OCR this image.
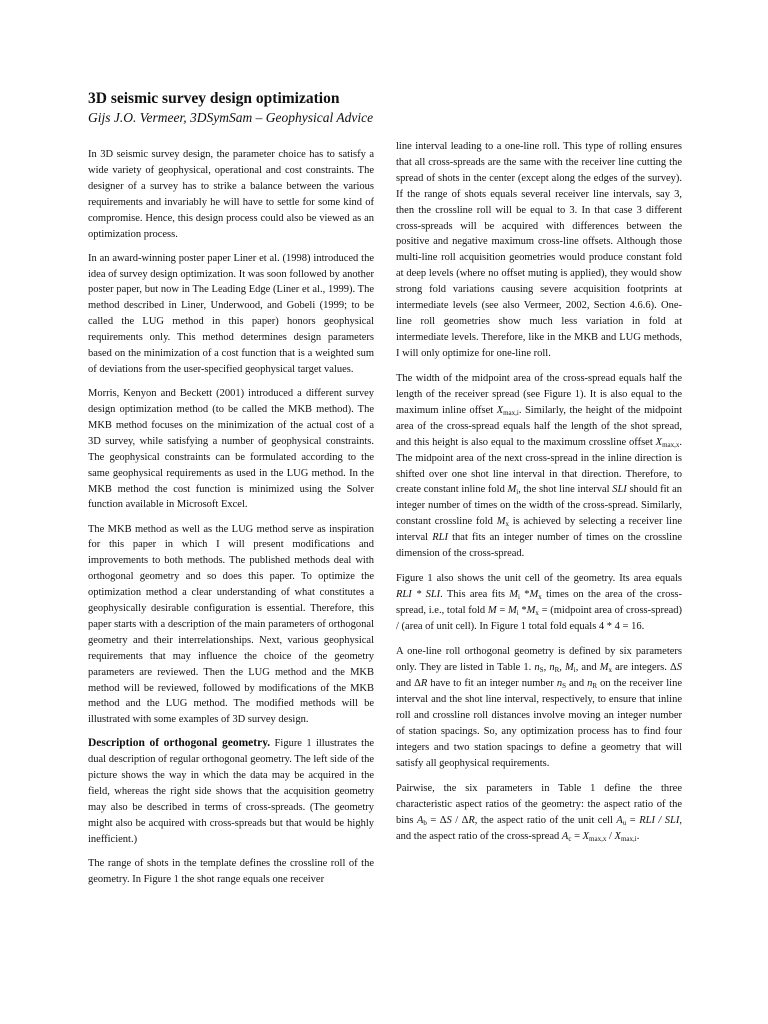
3D seismic survey design optimization
Gijs J.O. Vermeer, 3DSymSam – Geophysical Advice

In 3D seismic survey design, the parameter choice has to satisfy a wide variety of geophysical, operational and cost constraints. The designer of a survey has to strike a balance between the various requirements and invariably he will have to settle for some kind of compromise. Hence, this design process could also be viewed as an optimization process.

In an award-winning poster paper Liner et al. (1998) introduced the idea of survey design optimization. It was soon followed by another poster paper, but now in The Leading Edge (Liner et al., 1999). The method described in Liner, Underwood, and Gobeli (1999; to be called the LUG method in this paper) honors geophysical requirements only. This method determines design parameters based on the minimization of a cost function that is a weighted sum of deviations from the user-specified geophysical target values.

Morris, Kenyon and Beckett (2001) introduced a different survey design optimization method (to be called the MKB method). The MKB method focuses on the minimization of the actual cost of a 3D survey, while satisfying a number of geophysical constraints. The geophysical constraints can be formulated according to the same geophysical requirements as used in the LUG method. In the MKB method the cost function is minimized using the Solver function available in Microsoft Excel.

The MKB method as well as the LUG method serve as inspiration for this paper in which I will present modifications and improvements to both methods. The published methods deal with orthogonal geometry and so does this paper. To optimize the optimization method a clear understanding of what constitutes a geophysically desirable configuration is essential. Therefore, this paper starts with a description of the main parameters of orthogonal geometry and their interrelationships. Next, various geophysical requirements that may influence the choice of the geometry parameters are reviewed. Then the LUG method and the MKB method will be reviewed, followed by modifications of the MKB method and the LUG method. The modified methods will be illustrated with some examples of 3D survey design.

Description of orthogonal geometry. Figure 1 illustrates the dual description of regular orthogonal geometry. The left side of the picture shows the way in which the data may be acquired in the field, whereas the right side shows that the acquisition geometry may also be described in terms of cross-spreads. (The geometry might also be acquired with cross-spreads but that would be highly inefficient.)

The range of shots in the template defines the crossline roll of the geometry. In Figure 1 the shot range equals one receiver

line interval leading to a one-line roll. This type of rolling ensures that all cross-spreads are the same with the receiver line cutting the spread of shots in the center (except along the edges of the survey). If the range of shots equals several receiver line intervals, say 3, then the crossline roll will be equal to 3. In that case 3 different cross-spreads will be acquired with differences between the positive and negative maximum cross-line offsets. Although those multi-line roll acquisition geometries would produce constant fold at deep levels (where no offset muting is applied), they would show strong fold variations causing severe acquisition footprints at intermediate levels (see also Vermeer, 2002, Section 4.6.6). One-line roll geometries show much less variation in fold at intermediate levels. Therefore, like in the MKB and LUG methods, I will only optimize for one-line roll.

The width of the midpoint area of the cross-spread equals half the length of the receiver spread (see Figure 1). It is also equal to the maximum inline offset $X_{max,i}$. Similarly, the height of the midpoint area of the cross-spread equals half the length of the shot spread, and this height is also equal to the maximum crossline offset $X_{max,x}$. The midpoint area of the next cross-spread in the inline direction is shifted over one shot line interval in that direction. Therefore, to create constant inline fold $M_i$, the shot line interval SLI should fit an integer number of times on the width of the cross-spread. Similarly, constant crossline fold $M_x$ is achieved by selecting a receiver line interval RLI that fits an integer number of times on the crossline dimension of the cross-spread.

Figure 1 also shows the unit cell of the geometry. Its area equals RLI * SLI. This area fits $M_i$ $*M_x$ times on the area of the cross-spread, i.e., total fold $M = M_i$ $*M_x$ = (midpoint area of cross-spread) / (area of unit cell). In Figure 1 total fold equals 4 * 4 = 16.

A one-line roll orthogonal geometry is defined by six parameters only. They are listed in Table 1. $n_S$, $n_R$, $M_i$, and $M_x$ are integers. ΔS and ΔR have to fit an integer number $n_S$ and $n_R$ on the receiver line interval and the shot line interval, respectively, to ensure that inline roll and crossline roll distances involve moving an integer number of station spacings. So, any optimization process has to find four integers and two station spacings to define a geometry that will satisfy all geophysical requirements.

Pairwise, the six parameters in Table 1 define the three characteristic aspect ratios of the geometry: the aspect ratio of the bins $A_b = \Delta S / \Delta R$, the aspect ratio of the unit cell $A_u$ = RLI / SLI, and the aspect ratio of the cross-spread $A_c = X_{max,x} / X_{max,i}$.
